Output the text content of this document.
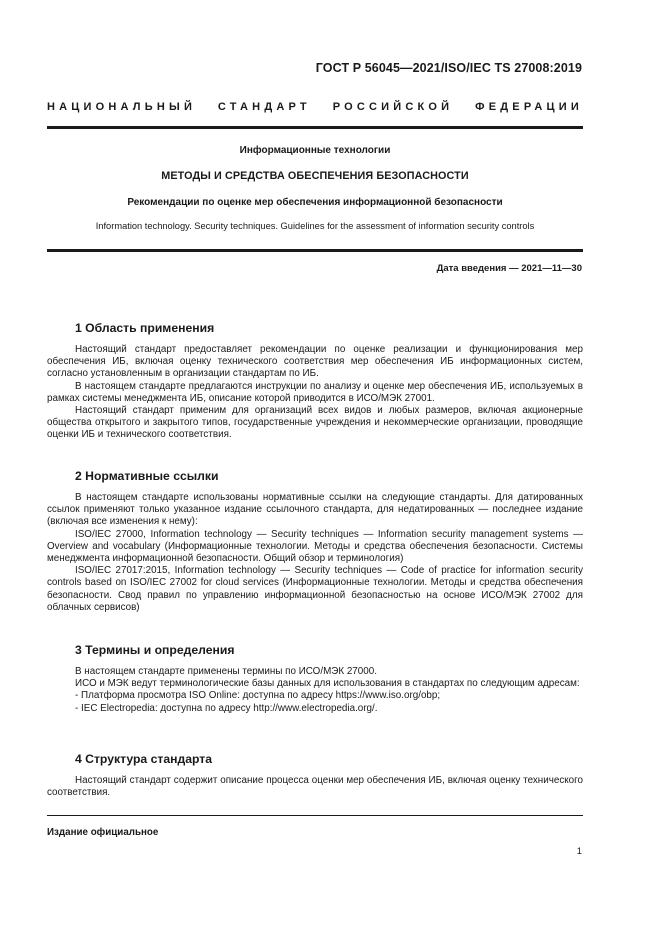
ГОСТ Р 56045—2021/ISO/IEC TS 27008:2019
НАЦИОНАЛЬНЫЙ СТАНДАРТ РОССИЙСКОЙ ФЕДЕРАЦИИ
Информационные технологии
МЕТОДЫ И СРЕДСТВА ОБЕСПЕЧЕНИЯ БЕЗОПАСНОСТИ
Рекомендации по оценке мер обеспечения информационной безопасности
Information technology. Security techniques. Guidelines for the assessment of information security controls
Дата введения — 2021—11—30
1 Область применения

Настоящий стандарт предоставляет рекомендации по оценке реализации и функционирования мер обеспечения ИБ, включая оценку технического соответствия мер обеспечения ИБ информационных систем, согласно установленным в организации стандартам по ИБ.

В настоящем стандарте предлагаются инструкции по анализу и оценке мер обеспечения ИБ, используемых в рамках системы менеджмента ИБ, описание которой приводится в ИСО/МЭК 27001.

Настоящий стандарт применим для организаций всех видов и любых размеров, включая акционерные общества открытого и закрытого типов, государственные учреждения и некоммерческие организации, проводящие оценки ИБ и технического соответствия.

2 Нормативные ссылки

В настоящем стандарте использованы нормативные ссылки на следующие стандарты. Для датированных ссылок применяют только указанное издание ссылочного стандарта, для недатированных — последнее издание (включая все изменения к нему):

ISO/IEC 27000, Information technology — Security techniques — Information security management systems — Overview and vocabulary (Информационные технологии. Методы и средства обеспечения безопасности. Системы менеджмента информационной безопасности. Общий обзор и терминология)

ISO/IEC 27017:2015, Information technology — Security techniques — Code of practice for information security controls based on ISO/IEC 27002 for cloud services (Информационные технологии. Методы и средства обеспечения безопасности. Свод правил по управлению информационной безопасностью на основе ИСО/МЭК 27002 для облачных сервисов)

3 Термины и определения

В настоящем стандарте применены термины по ИСО/МЭК 27000.

ИСО и МЭК ведут терминологические базы данных для использования в стандартах по следующим адресам:

- Платформа просмотра ISO Online: доступна по адресу https://www.iso.org/obp;

- IEC Electropedia: доступна по адресу http://www.electropedia.org/.

4 Структура стандарта

Настоящий стандарт содержит описание процесса оценки мер обеспечения ИБ, включая оценку технического соответствия.

Издание официальное
1
